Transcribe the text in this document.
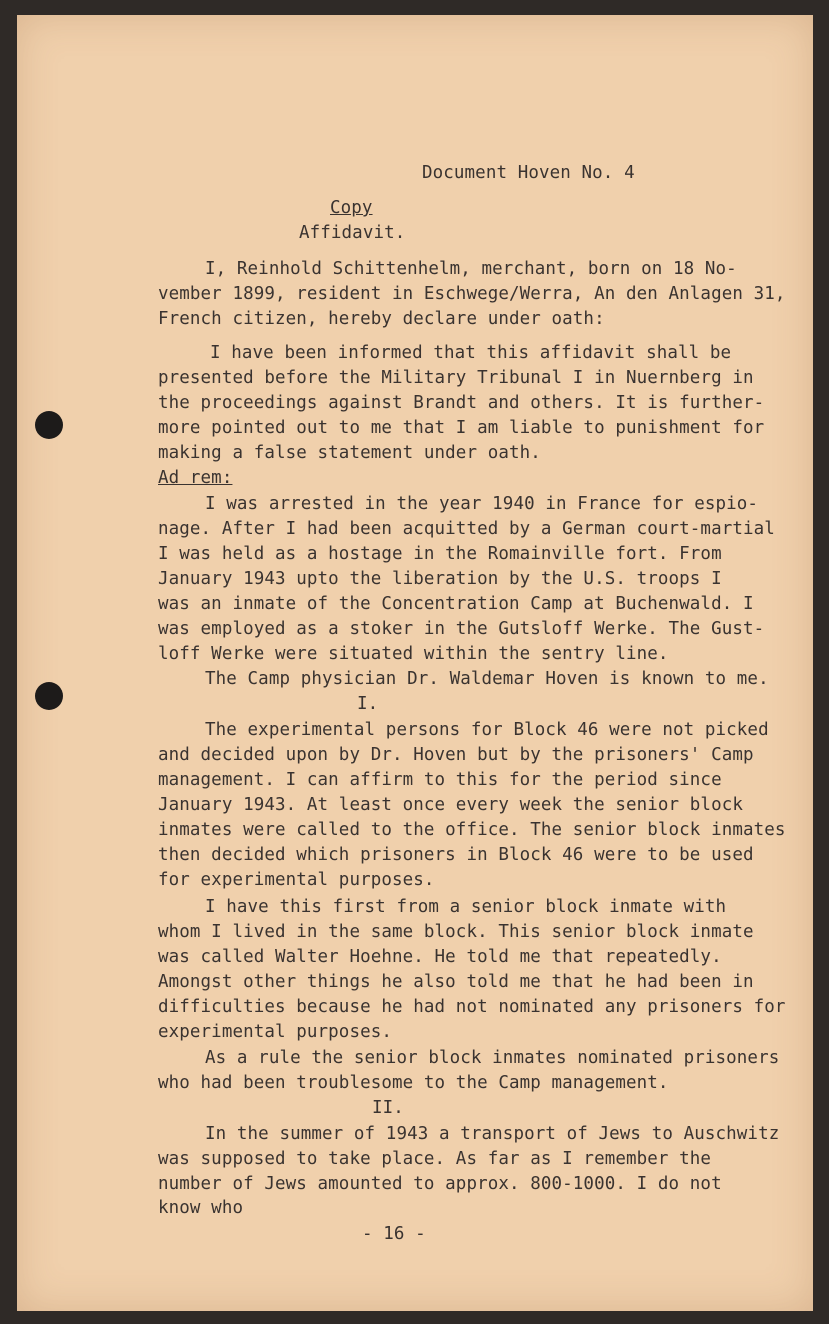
Document Hoven No. 4
Copy
Affidavit.
I, Reinhold Schittenhelm, merchant, born on 18 No-
vember 1899, resident in Eschwege/Werra, An den Anlagen 31,
French citizen, hereby declare under oath:
I have been informed that this affidavit shall be
presented before the Military Tribunal I in Nuernberg in
the proceedings against Brandt and others. It is further-
more pointed out to me that I am liable to punishment for
making a false statement under oath.
Ad rem:
I was arrested in the year 1940 in France for espio-
nage. After I had been acquitted by a German court-martial
I was held as a hostage in the Romainville fort. From
January 1943 upto the liberation by the U.S. troops I
was an inmate of the Concentration Camp at Buchenwald. I
was employed as a stoker in the Gutsloff Werke. The Gust-
loff Werke were situated within the sentry line.
The Camp physician Dr. Waldemar Hoven is known to me.
I.
The experimental persons for Block 46 were not picked
and decided upon by Dr. Hoven but by the prisoners' Camp
management. I can affirm to this for the period since
January 1943. At least once every week the senior block
inmates were called to the office. The senior block inmates
then decided which prisoners in Block 46 were to be used
for experimental purposes.
I have this first from a senior block inmate with
whom I lived in the same block. This senior block inmate
was called Walter Hoehne. He told me that repeatedly.
Amongst other things he also told me that he had been in
difficulties because he had not nominated any prisoners for
experimental purposes.
As a rule the senior block inmates nominated prisoners
who had been troublesome to the Camp management.
II.
In the summer of 1943 a transport of Jews to Auschwitz
was supposed to take place. As far as I remember the
number of Jews amounted to approx. 800-1000. I do not
know who
- 16 -
